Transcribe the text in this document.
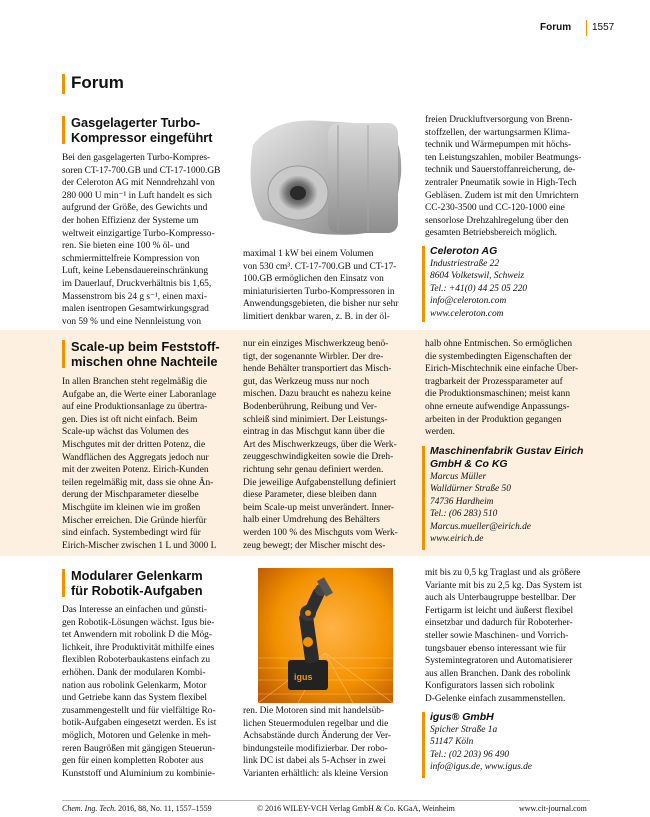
Forum 1557
Forum
Gasgelagerter Turbo-
Kompressor eingeführt
Bei den gasgelagerten Turbo-Kompres-
soren CT-17-700.GB und CT-17-1000.GB
der Celeroton AG mit Nenndrehzahl von
280 000 U min⁻¹ in Luft handelt es sich
aufgrund der Größe, des Gewichts und
der hohen Effizienz der Systeme um
weltweit einzigartige Turbo-Kompresso-
ren. Sie bieten eine 100 % öl- und
schmiermittelfreie Kompression von
Luft, keine Lebensdauereinschränkung
im Dauerlauf, Druckverhältnis bis 1,65,
Massenstrom bis 24 g s⁻¹, einen maxi-
malen isentropen Gesamtwirkungsgrad
von 59 % und eine Nennleistung von
maximal 1 kW bei einem Volumen
von 530 cm³. CT-17-700.GB und CT-17-
100.GB ermöglichen den Einsatz von
miniaturisierten Turbo-Kompressoren in
Anwendungsgebieten, die bisher nur sehr
limitiert denkbar waren, z. B. in der öl-
freien Druckluftversorgung von Brenn-
stoffzellen, der wartungsarmen Klima-
technik und Wärmepumpen mit höchs-
ten Leistungszahlen, mobiler Beatmungs-
technik und Sauerstoffanreicherung, de-
zentraler Pneumatik sowie in High-Tech
Gebläsen. Zudem ist mit den Umrichtern
CC-230-3500 und CC-120-1000 eine
sensorlose Drehzahlregelung über den
gesamten Betriebsbereich möglich.
Celeroton AG
Industriestraße 22
8604 Volketswil, Schweiz
Tel.: +41(0) 44 25 05 220
info@celeroton.com
www.celeroton.com
Scale-up beim Feststoff-
mischen ohne Nachteile
In allen Branchen steht regelmäßig die
Aufgabe an, die Werte einer Laboranlage
auf eine Produktionsanlage zu übertra-
gen. Dies ist oft nicht einfach. Beim
Scale-up wächst das Volumen des
Mischgutes mit der dritten Potenz, die
Wandflächen des Aggregats jedoch nur
mit der zweiten Potenz. Eirich-Kunden
teilen regelmäßig mit, dass sie ohne Än-
derung der Mischparameter dieselbe
Mischgüte im kleinen wie im großen
Mischer erreichen. Die Gründe hierfür
sind einfach. Systembedingt wird für
Eirich-Mischer zwischen 1 L und 3000 L
nur ein einziges Mischwerkzeug benö-
tigt, der sogenannte Wirbler. Der dre-
hende Behälter transportiert das Misch-
gut, das Werkzeug muss nur noch
mischen. Dazu braucht es nahezu keine
Bodenberührung, Reibung und Ver-
schleiß sind minimiert. Der Leistungs-
eintrag in das Mischgut kann über die
Art des Mischwerkzeugs, über die Werk-
zeuggeschwindigkeiten sowie die Dreh-
richtung sehr genau definiert werden.
Die jeweilige Aufgabenstellung definiert
diese Parameter, diese bleiben dann
beim Scale-up meist unverändert. Inner-
halb einer Umdrehung des Behälters
werden 100 % des Mischguts vom Werk-
zeug bewegt; der Mischer mischt des-
halb ohne Entmischen. So ermöglichen
die systembedingten Eigenschaften der
Eirich-Mischtechnik eine einfache Über-
tragbarkeit der Prozessparameter auf
die Produktionsmaschinen; meist kann
ohne erneute aufwendige Anpassungs-
arbeiten in der Produktion gegangen
werden.
Maschinenfabrik Gustav Eirich
GmbH & Co KG
Marcus Müller
Walldürner Straße 50
74736 Hardheim
Tel.: (06 283) 510
Marcus.mueller@eirich.de
www.eirich.de
Modularer Gelenkarm
für Robotik-Aufgaben
Das Interesse an einfachen und günsti-
gen Robotik-Lösungen wächst. Igus bie-
tet Anwendern mit robolink D die Mög-
lichkeit, ihre Produktivität mithilfe eines
flexiblen Roboterbaukastens einfach zu
erhöhen. Dank der modularen Kombi-
nation aus robolink Gelenkarm, Motor
und Getriebe kann das System flexibel
zusammengestellt und für vielfältige Ro-
botik-Aufgaben eingesetzt werden. Es ist
möglich, Motoren und Gelenke in meh-
reren Baugrößen mit gängigen Steuerun-
gen für einen kompletten Roboter aus
Kunststoff und Aluminium zu kombinie-
igus
ren. Die Motoren sind mit handelsüb-
lichen Steuermodulen regelbar und die
Achsabstände durch Änderung der Ver-
bindungsteile modifizierbar. Der robo-
link DC ist dabei als 5-Achser in zwei
Varianten erhältlich: als kleine Version
mit bis zu 0,5 kg Traglast und als größere
Variante mit bis zu 2,5 kg. Das System ist
auch als Unterbaugruppe bestellbar. Der
Fertigarm ist leicht und äußerst flexibel
einsetzbar und dadurch für Roboterher-
steller sowie Maschinen- und Vorrich-
tungsbauer ebenso interessant wie für
Systemintegratoren und Automatisierer
aus allen Branchen. Dank des robolink
Konfigurators lassen sich robolink
D-Gelenke einfach zusammenstellen.
igus® GmbH
Spicher Straße 1a
51147 Köln
Tel.: (02 203) 96 490
info@igus.de, www.igus.de
Chem. Ing. Tech. 2016, 88, No. 11, 1557–1559	© 2016 WILEY-VCH Verlag GmbH & Co. KGaA, Weinheim	www.cit-journal.com
